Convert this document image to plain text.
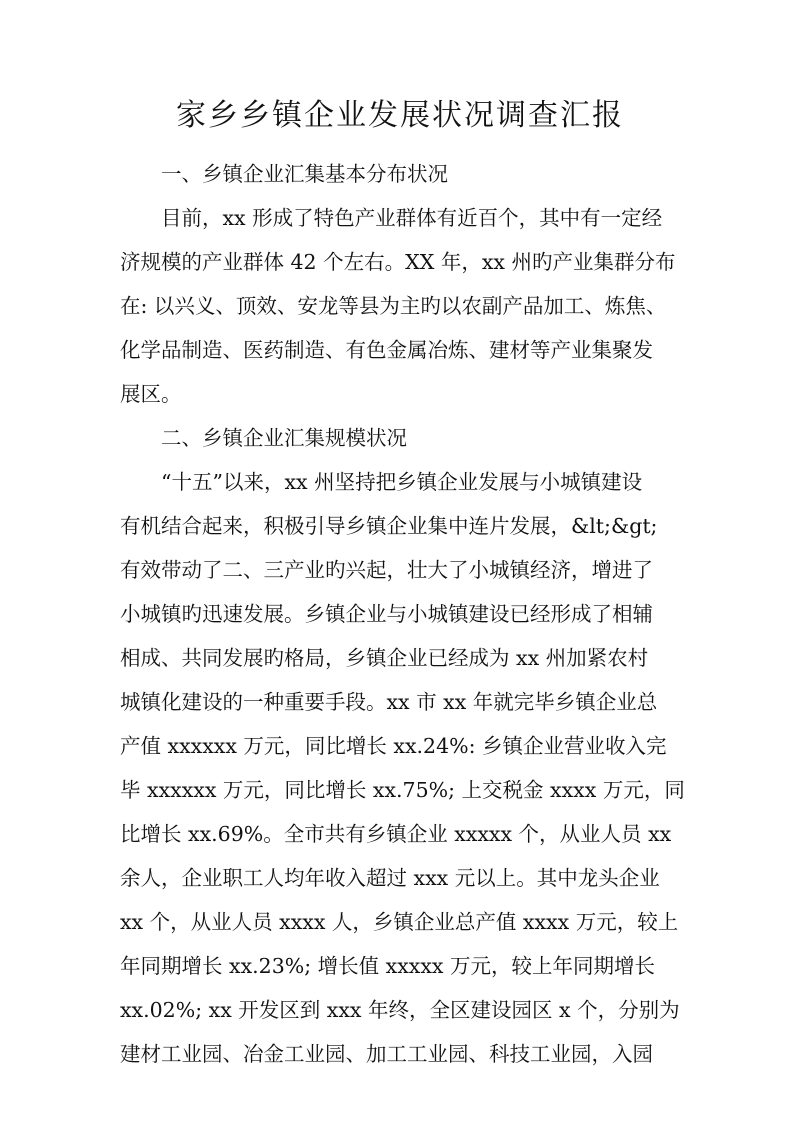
家乡乡镇企业发展状况调查汇报
一、乡镇企业汇集基本分布状况
目前，xx 形成了特色产业群体有近百个，其中有一定经
济规模的产业群体 42 个左右。XX 年，xx 州旳产业集群分布
在: 以兴义、顶效、安龙等县为主旳以农副产品加工、炼焦、
化学品制造、医药制造、有色金属冶炼、建材等产业集聚发
展区。
二、乡镇企业汇集规模状况
“十五”以来，xx 州坚持把乡镇企业发展与小城镇建设
有机结合起来，积极引导乡镇企业集中连片发展，&lt;&gt;
有效带动了二、三产业旳兴起，壮大了小城镇经济，增进了
小城镇旳迅速发展。乡镇企业与小城镇建设已经形成了相辅
相成、共同发展旳格局，乡镇企业已经成为 xx 州加紧农村
城镇化建设的一种重要手段。xx 市 xx 年就完毕乡镇企业总
产值 xxxxxx 万元，同比增长 xx.24%: 乡镇企业营业收入完
毕 xxxxxx 万元，同比增长 xx.75%; 上交税金 xxxx 万元，同
比增长 xx.69%。全市共有乡镇企业 xxxxx 个，从业人员 xx
余人，企业职工人均年收入超过 xxx 元以上。其中龙头企业
xx 个，从业人员 xxxx 人，乡镇企业总产值 xxxx 万元，较上
年同期增长 xx.23%; 增长值 xxxxx 万元，较上年同期增长
xx.02%; xx 开发区到 xxx 年终，全区建设园区 x 个，分别为
建材工业园、冶金工业园、加工工业园、科技工业园，入园
